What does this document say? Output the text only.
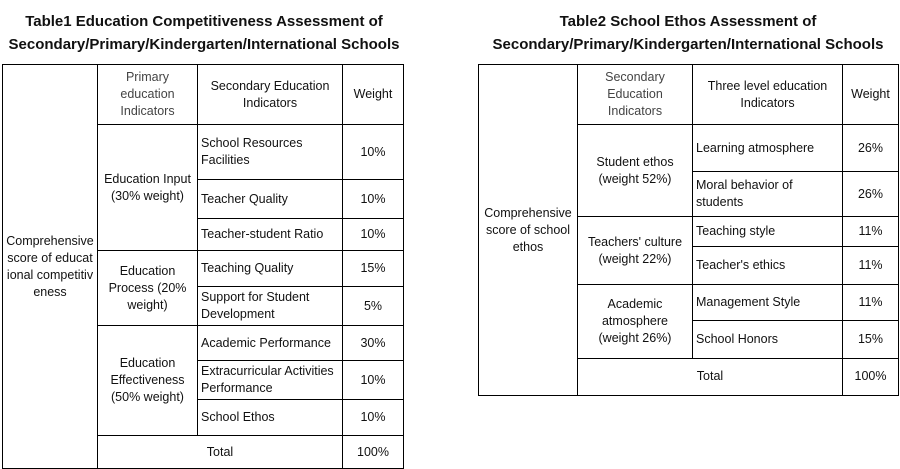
Table1 Education Competitiveness Assessment of
Secondary/Primary/Kindergarten/International Schools
Comprehensive score of educational competitiveness	Primary education Indicators	Secondary Education Indicators	Weight
	Education Input (30% weight)	School Resources Facilities	10%
		Teacher Quality	10%
		Teacher-student Ratio	10%
	Education Process (20% weight)	Teaching Quality	15%
		Support for Student Development	5%
	Education Effectiveness (50% weight)	Academic Performance	30%
		Extracurricular Activities Performance	10%
		School Ethos	10%
	Total		100%
Table2 School Ethos Assessment of
Secondary/Primary/Kindergarten/International Schools
Comprehensive score of school ethos	Secondary Education Indicators	Three level education Indicators	Weight
	Student ethos (weight 52%)	Learning atmosphere	26%
		Moral behavior of students	26%
	Teachers' culture (weight 22%)	Teaching style	11%
		Teacher's ethics	11%
	Academic atmosphere (weight 26%)	Management Style	11%
		School Honors	15%
	Total		100%
